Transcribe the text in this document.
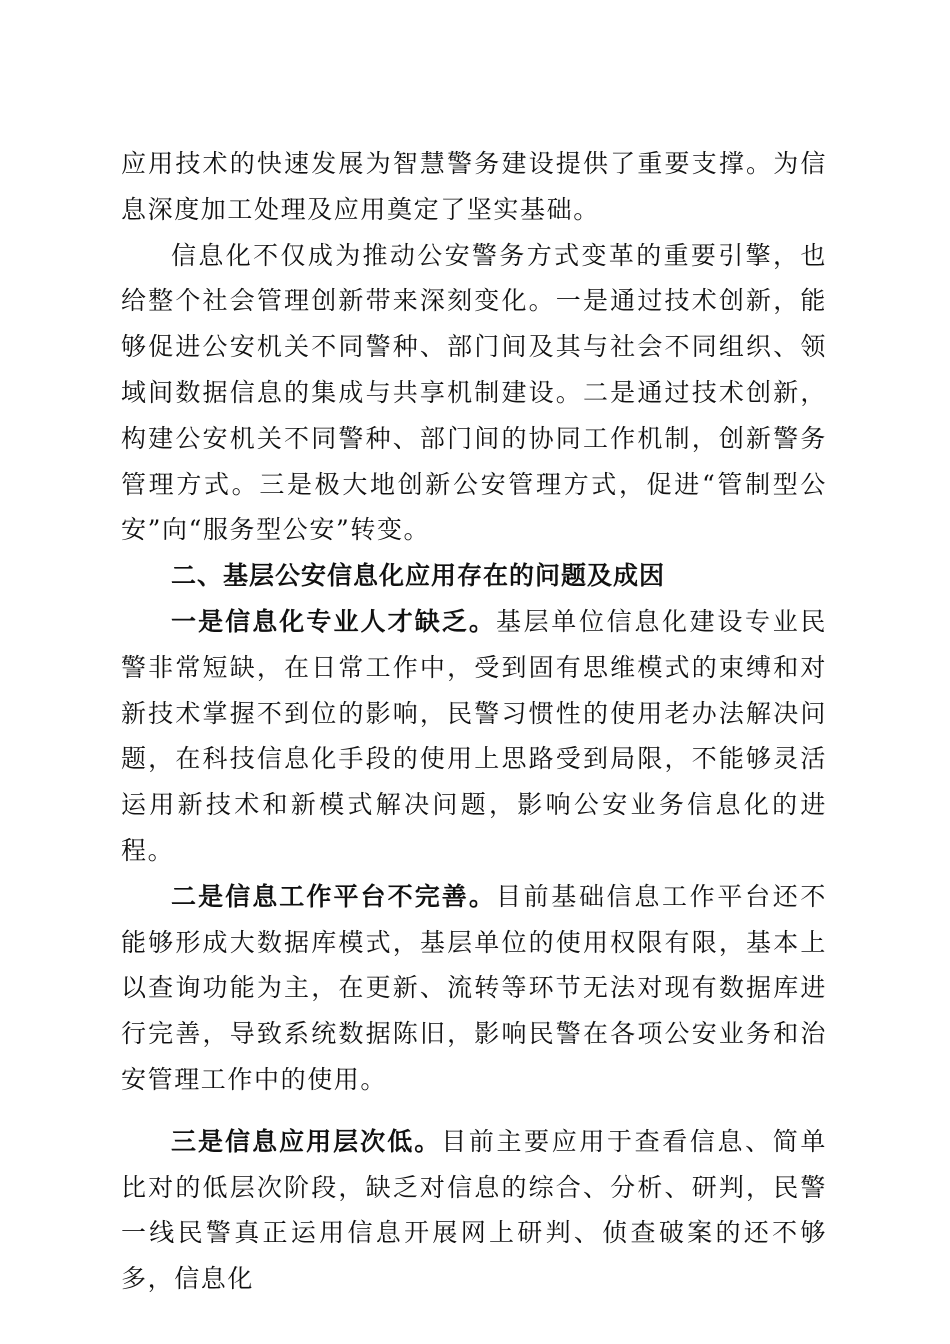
应用技术的快速发展为智慧警务建设提供了重要支撑。为信息深度加工处理及应用奠定了坚实基础。

信息化不仅成为推动公安警务方式变革的重要引擎，也给整个社会管理创新带来深刻变化。一是通过技术创新，能够促进公安机关不同警种、部门间及其与社会不同组织、领域间数据信息的集成与共享机制建设。二是通过技术创新，构建公安机关不同警种、部门间的协同工作机制，创新警务管理方式。三是极大地创新公安管理方式，促进“管制型公安”向“服务型公安”转变。

二、基层公安信息化应用存在的问题及成因

一是信息化专业人才缺乏。基层单位信息化建设专业民警非常短缺，在日常工作中，受到固有思维模式的束缚和对新技术掌握不到位的影响，民警习惯性的使用老办法解决问题，在科技信息化手段的使用上思路受到局限，不能够灵活运用新技术和新模式解决问题，影响公安业务信息化的进程。

二是信息工作平台不完善。目前基础信息工作平台还不能够形成大数据库模式，基层单位的使用权限有限，基本上以查询功能为主，在更新、流转等环节无法对现有数据库进行完善，导致系统数据陈旧，影响民警在各项公安业务和治安管理工作中的使用。

三是信息应用层次低。目前主要应用于查看信息、简单比对的低层次阶段，缺乏对信息的综合、分析、研判，民警一线民警真正运用信息开展网上研判、侦查破案的还不够多，信息化
